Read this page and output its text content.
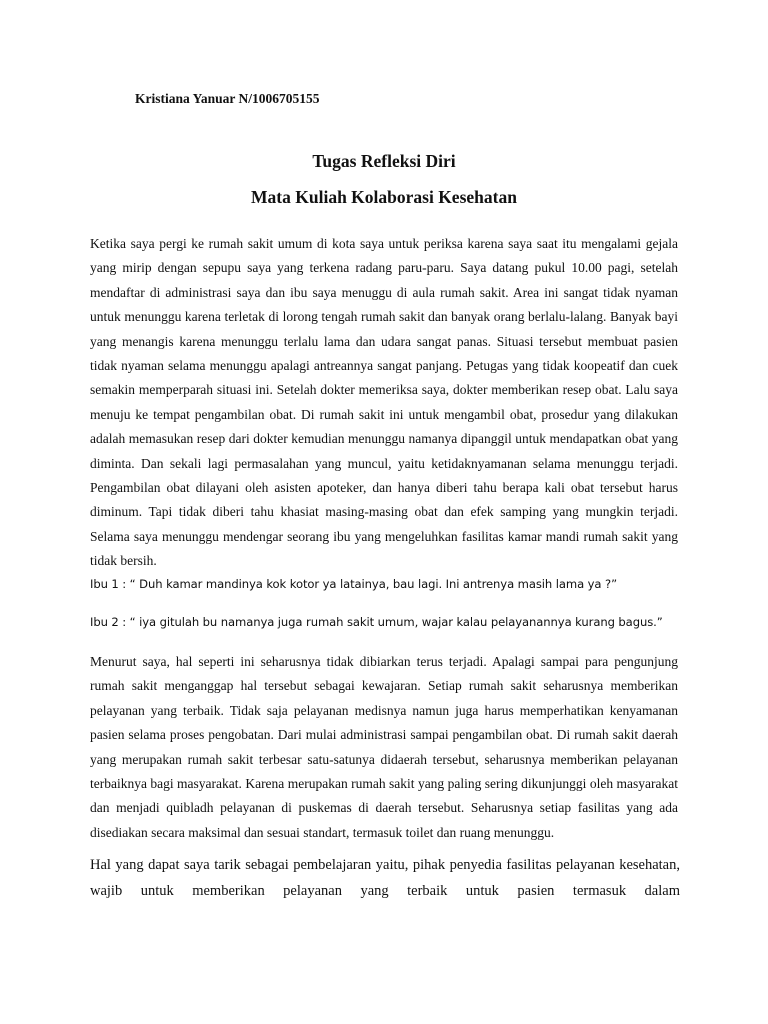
Kristiana Yanuar N/1006705155
Tugas Refleksi Diri
Mata Kuliah Kolaborasi Kesehatan

Ketika saya pergi ke rumah sakit umum di kota saya untuk periksa karena saya saat itu mengalami gejala yang mirip dengan sepupu saya yang terkena radang paru-paru. Saya datang pukul 10.00 pagi, setelah mendaftar di administrasi saya dan ibu saya menuggu di aula rumah sakit. Area ini sangat tidak nyaman untuk menunggu karena terletak di lorong tengah rumah sakit dan banyak orang berlalu-lalang. Banyak bayi yang menangis karena menunggu terlalu lama dan udara sangat panas. Situasi tersebut membuat pasien tidak nyaman selama menunggu apalagi antreannya sangat panjang. Petugas yang tidak koopeatif dan cuek semakin memperparah situasi ini. Setelah dokter memeriksa saya, dokter memberikan resep obat. Lalu saya menuju ke tempat pengambilan obat. Di rumah sakit ini untuk mengambil obat, prosedur yang dilakukan adalah memasukan resep dari dokter kemudian menunggu namanya dipanggil untuk mendapatkan obat yang diminta. Dan sekali lagi permasalahan yang muncul, yaitu ketidaknyamanan selama menunggu terjadi. Pengambilan obat dilayani oleh asisten apoteker, dan hanya diberi tahu berapa kali obat tersebut harus diminum. Tapi tidak diberi tahu khasiat masing-masing obat dan efek samping yang mungkin terjadi. Selama saya menunggu mendengar seorang ibu yang mengeluhkan fasilitas kamar mandi rumah sakit yang tidak bersih.

Ibu 1 : “ Duh kamar mandinya kok kotor ya latainya, bau lagi. Ini antrenya masih lama ya ?”
Ibu 2 : “ iya gitulah bu namanya juga rumah sakit umum, wajar kalau pelayanannya kurang bagus.”

Menurut saya, hal seperti ini seharusnya tidak dibiarkan terus terjadi. Apalagi sampai para pengunjung rumah sakit menganggap hal tersebut sebagai kewajaran. Setiap rumah sakit seharusnya memberikan pelayanan yang terbaik. Tidak saja pelayanan medisnya namun juga harus memperhatikan kenyamanan pasien selama proses pengobatan. Dari mulai administrasi sampai pengambilan obat. Di rumah sakit daerah yang merupakan rumah sakit terbesar satu-satunya didaerah tersebut, seharusnya memberikan pelayanan terbaiknya bagi masyarakat. Karena merupakan rumah sakit yang paling sering dikunjunggi oleh masyarakat dan menjadi quibladh pelayanan di puskemas di daerah tersebut. Seharusnya setiap fasilitas yang ada disediakan secara maksimal dan sesuai standart, termasuk toilet dan ruang menunggu.

Hal yang dapat saya tarik sebagai pembelajaran yaitu, pihak penyedia fasilitas pelayanan kesehatan, wajib untuk memberikan pelayanan yang terbaik untuk pasien termasuk dalam
